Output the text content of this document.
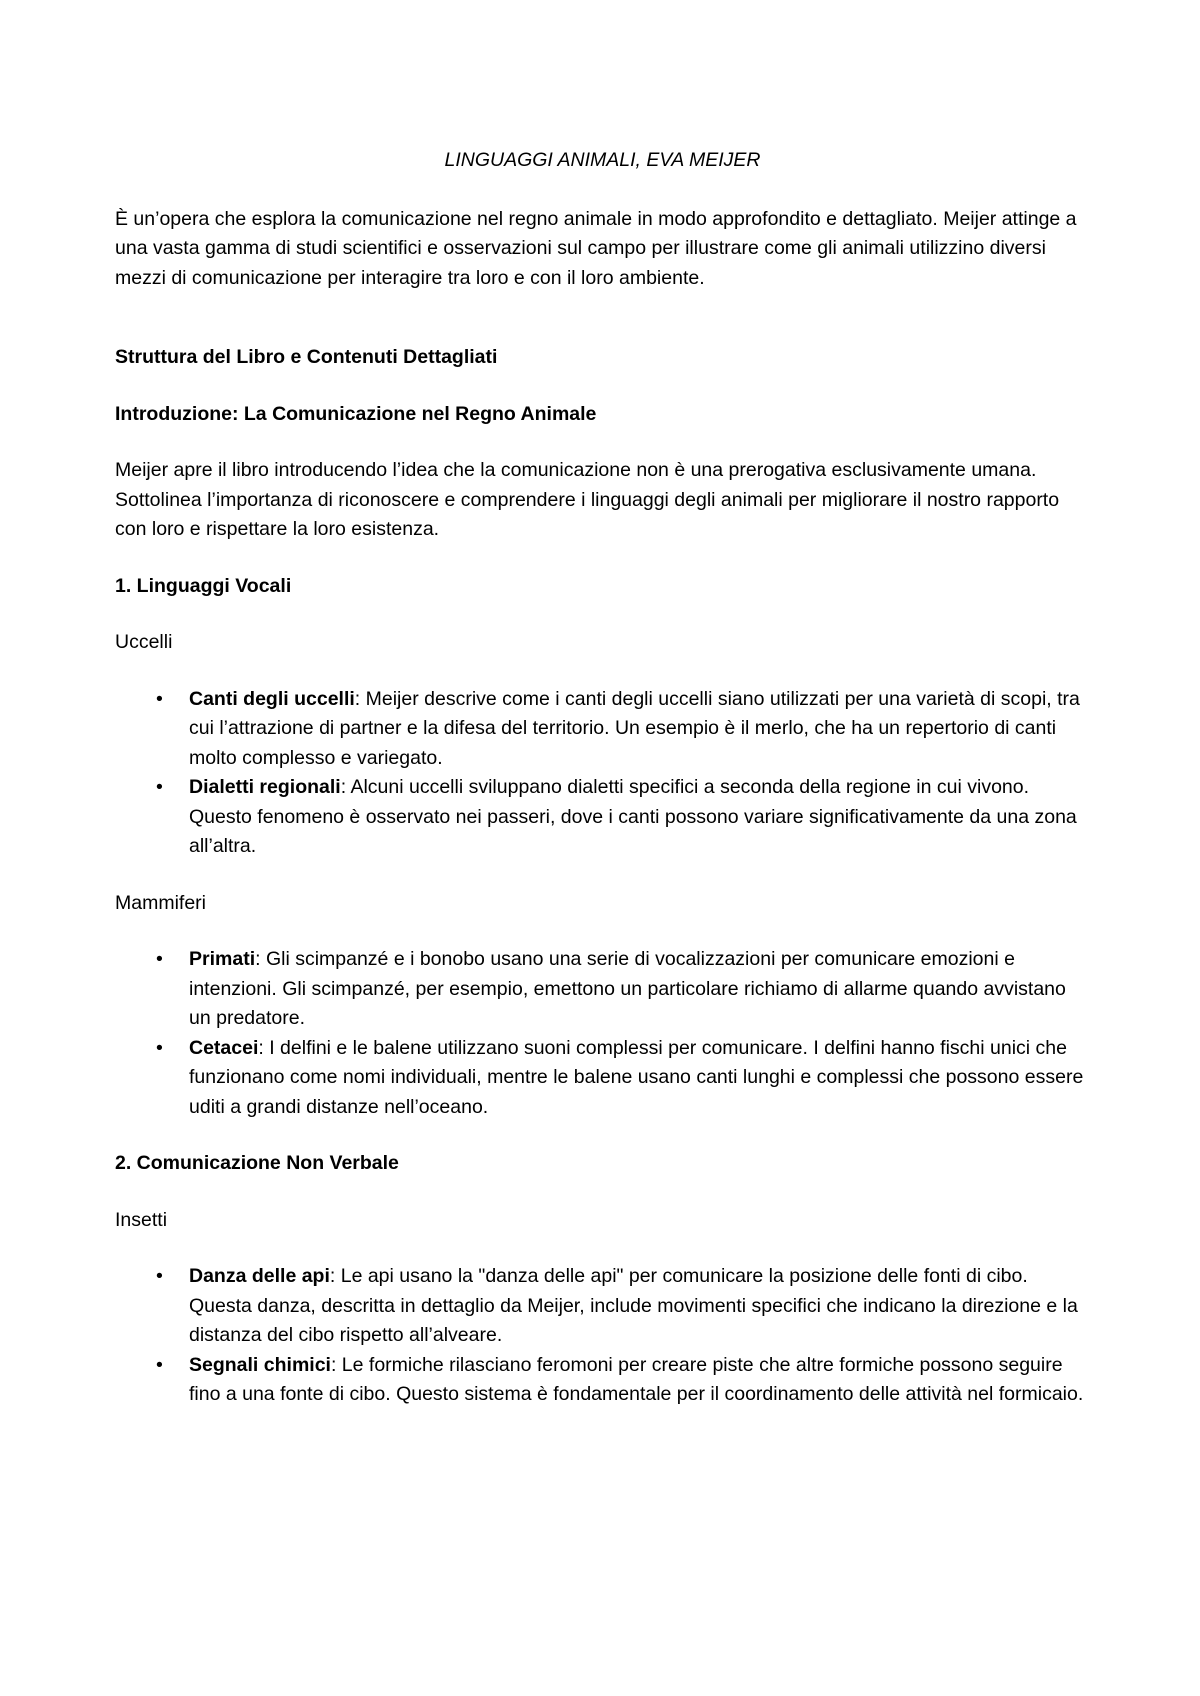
LINGUAGGI ANIMALI, EVA MEIJER

È un’opera che esplora la comunicazione nel regno animale in modo approfondito e dettagliato. Meijer attinge a una vasta gamma di studi scientifici e osservazioni sul campo per illustrare come gli animali utilizzino diversi mezzi di comunicazione per interagire tra loro e con il loro ambiente.

Struttura del Libro e Contenuti Dettagliati

Introduzione: La Comunicazione nel Regno Animale

Meijer apre il libro introducendo l’idea che la comunicazione non è una prerogativa esclusivamente umana. Sottolinea l’importanza di riconoscere e comprendere i linguaggi degli animali per migliorare il nostro rapporto con loro e rispettare la loro esistenza.

1. Linguaggi Vocali

Uccelli

• Canti degli uccelli: Meijer descrive come i canti degli uccelli siano utilizzati per una varietà di scopi, tra cui l’attrazione di partner e la difesa del territorio. Un esempio è il merlo, che ha un repertorio di canti molto complesso e variegato.
• Dialetti regionali: Alcuni uccelli sviluppano dialetti specifici a seconda della regione in cui vivono. Questo fenomeno è osservato nei passeri, dove i canti possono variare significativamente da una zona all’altra.

Mammiferi

• Primati: Gli scimpanzé e i bonobo usano una serie di vocalizzazioni per comunicare emozioni e intenzioni. Gli scimpanzé, per esempio, emettono un particolare richiamo di allarme quando avvistano un predatore.
• Cetacei: I delfini e le balene utilizzano suoni complessi per comunicare. I delfini hanno fischi unici che funzionano come nomi individuali, mentre le balene usano canti lunghi e complessi che possono essere uditi a grandi distanze nell’oceano.

2. Comunicazione Non Verbale

Insetti

• Danza delle api: Le api usano la "danza delle api" per comunicare la posizione delle fonti di cibo. Questa danza, descritta in dettaglio da Meijer, include movimenti specifici che indicano la direzione e la distanza del cibo rispetto all’alveare.
• Segnali chimici: Le formiche rilasciano feromoni per creare piste che altre formiche possono seguire fino a una fonte di cibo. Questo sistema è fondamentale per il coordinamento delle attività nel formicaio.
